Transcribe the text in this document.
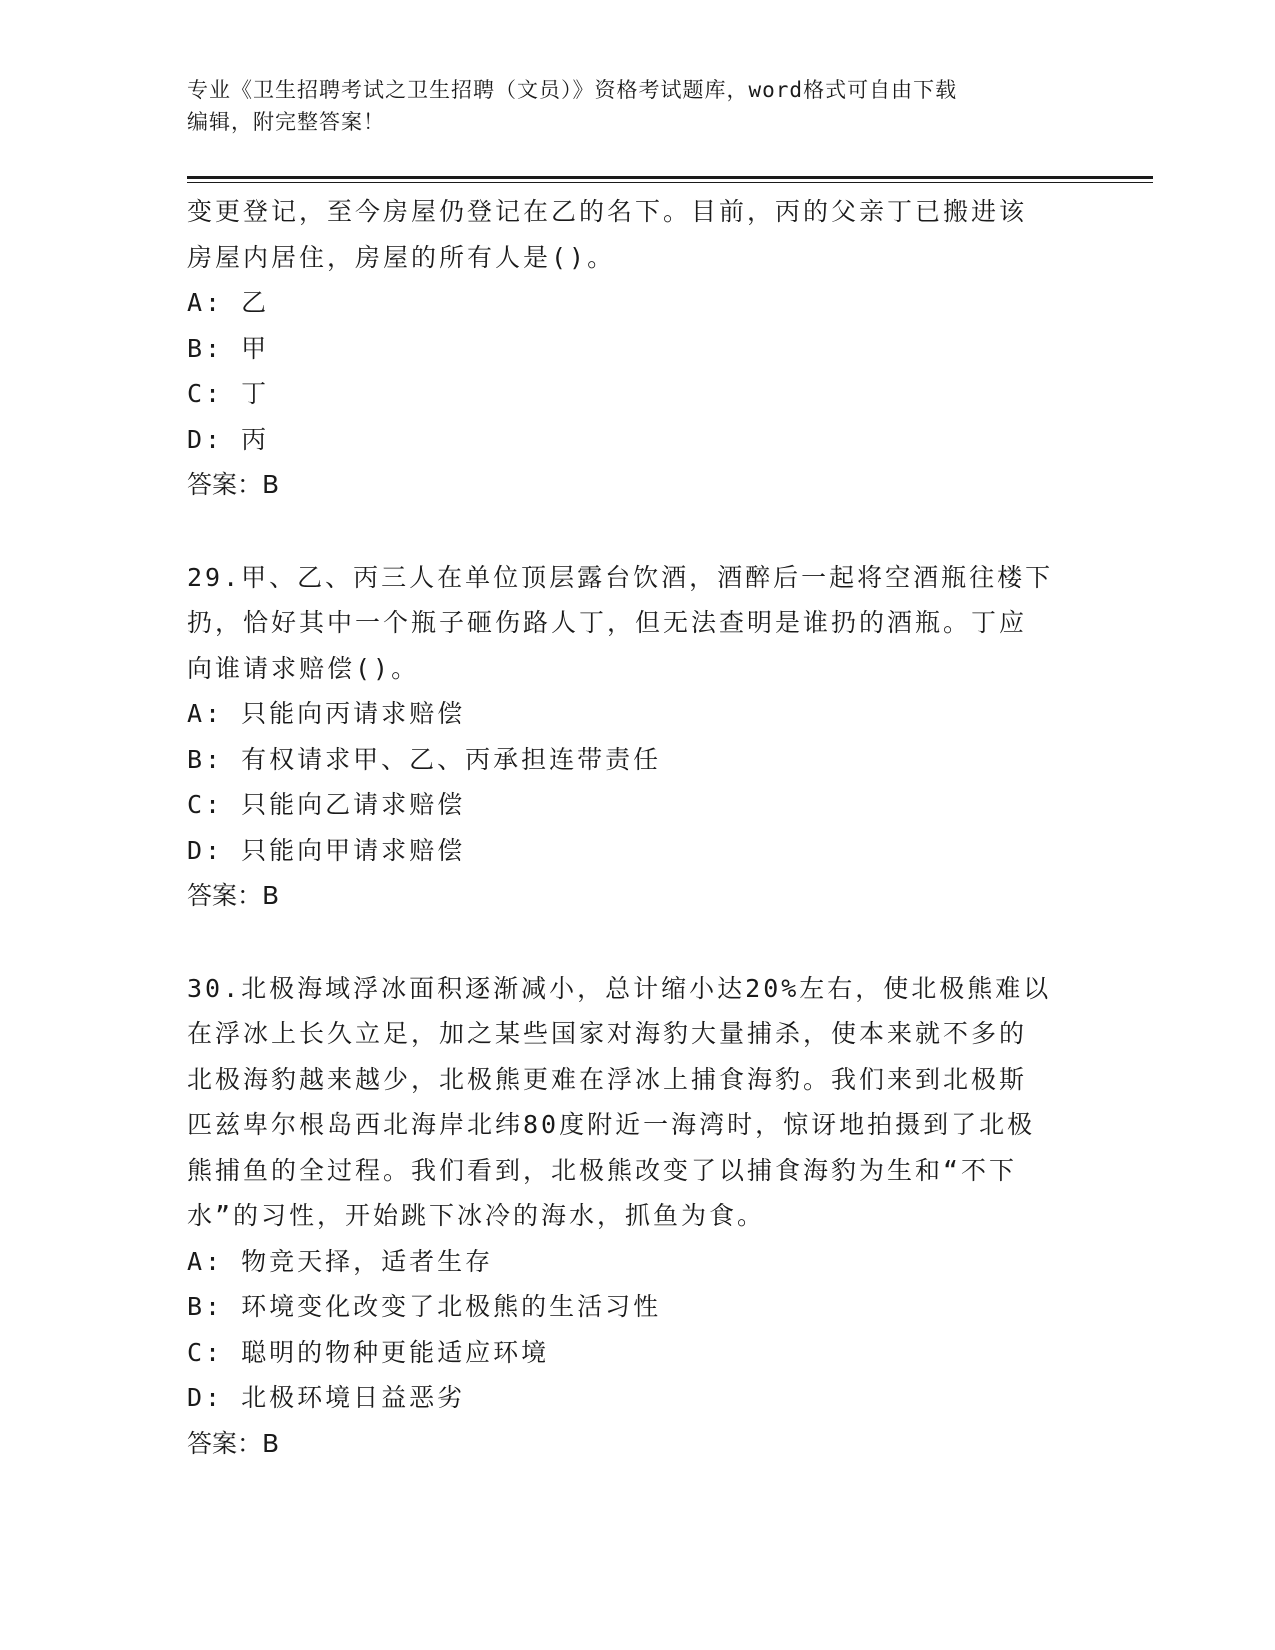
专业《卫生招聘考试之卫生招聘（文员）》资格考试题库，word格式可自由下载
编辑，附完整答案！

变更登记，至今房屋仍登记在乙的名下。目前，丙的父亲丁已搬进该

房屋内居住，房屋的所有人是()。

A: 乙

B: 甲

C: 丁

D: 丙

答案：B

29.甲、乙、丙三人在单位顶层露台饮酒，酒醉后一起将空酒瓶往楼下

扔，恰好其中一个瓶子砸伤路人丁，但无法查明是谁扔的酒瓶。丁应

向谁请求赔偿()。

A: 只能向丙请求赔偿

B: 有权请求甲、乙、丙承担连带责任

C: 只能向乙请求赔偿

D: 只能向甲请求赔偿

答案：B

30.北极海域浮冰面积逐渐减小，总计缩小达20%左右，使北极熊难以

在浮冰上长久立足，加之某些国家对海豹大量捕杀，使本来就不多的

北极海豹越来越少，北极熊更难在浮冰上捕食海豹。我们来到北极斯

匹兹卑尔根岛西北海岸北纬80度附近一海湾时，惊讶地拍摄到了北极

熊捕鱼的全过程。我们看到，北极熊改变了以捕食海豹为生和“不下

水”的习性，开始跳下冰冷的海水，抓鱼为食。

A: 物竞天择，适者生存

B: 环境变化改变了北极熊的生活习性

C: 聪明的物种更能适应环境

D: 北极环境日益恶劣

答案：B
